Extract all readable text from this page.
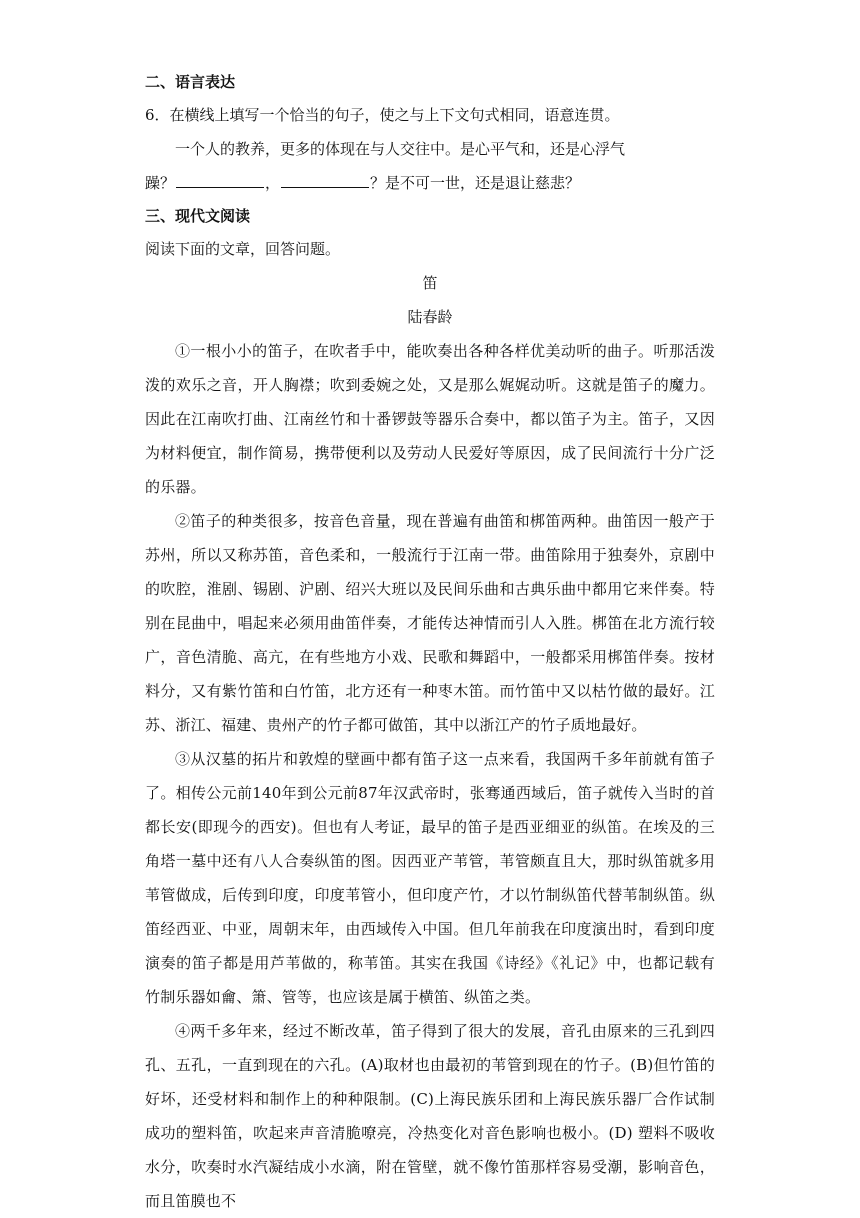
二、语言表达

6．在横线上填写一个恰当的句子，使之与上下文句式相同，语意连贯。

一个人的教养，更多的体现在与人交往中。是心平气和，还是心浮气

躁？	，	？是不可一世，还是退让慈悲？

三、现代文阅读

阅读下面的文章，回答问题。

笛

陆春龄

①一根小小的笛子，在吹者手中，能吹奏出各种各样优美动听的曲子。听那活泼泼的欢乐之音，开人胸襟；吹到委婉之处，又是那么娓娓动听。这就是笛子的魔力。因此在江南吹打曲、江南丝竹和十番锣鼓等器乐合奏中，都以笛子为主。笛子，又因为材料便宜，制作简易，携带便利以及劳动人民爱好等原因，成了民间流行十分广泛的乐器。

②笛子的种类很多，按音色音量，现在普遍有曲笛和梆笛两种。曲笛因一般产于苏州，所以又称苏笛，音色柔和，一般流行于江南一带。曲笛除用于独奏外，京剧中的吹腔，淮剧、锡剧、沪剧、绍兴大班以及民间乐曲和古典乐曲中都用它来伴奏。特别在昆曲中，唱起来必须用曲笛伴奏，才能传达神情而引人入胜。梆笛在北方流行较广，音色清脆、高亢，在有些地方小戏、民歌和舞蹈中，一般都采用梆笛伴奏。按材料分，又有紫竹笛和白竹笛，北方还有一种枣木笛。而竹笛中又以枯竹做的最好。江苏、浙江、福建、贵州产的竹子都可做笛，其中以浙江产的竹子质地最好。

③从汉墓的拓片和敦煌的壁画中都有笛子这一点来看，我国两千多年前就有笛子了。相传公元前140年到公元前87年汉武帝时，张骞通西域后，笛子就传入当时的首都长安(即现今的西安)。但也有人考证，最早的笛子是西亚细亚的纵笛。在埃及的三角塔一墓中还有八人合奏纵笛的图。因西亚产苇管，苇管颇直且大，那时纵笛就多用苇管做成，后传到印度，印度苇管小，但印度产竹，才以竹制纵笛代替苇制纵笛。纵笛经西亚、中亚，周朝末年，由西域传入中国。但几年前我在印度演出时，看到印度演奏的笛子都是用芦苇做的，称苇笛。其实在我国《诗经》《礼记》中，也都记载有竹制乐器如龠、箫、管等，也应该是属于横笛、纵笛之类。

④两千多年来，经过不断改革，笛子得到了很大的发展，音孔由原来的三孔到四孔、五孔，一直到现在的六孔。(A)取材也由最初的苇管到现在的竹子。(B)但竹笛的好坏，还受材料和制作上的种种限制。(C)上海民族乐团和上海民族乐器厂合作试制成功的塑料笛，吹起来声音清脆嘹亮，冷热变化对音色影响也极小。(D) 塑料不吸收水分，吹奏时水汽凝结成小水滴，附在管壁，就不像竹笛那样容易受潮，影响音色，而且笛膜也不
